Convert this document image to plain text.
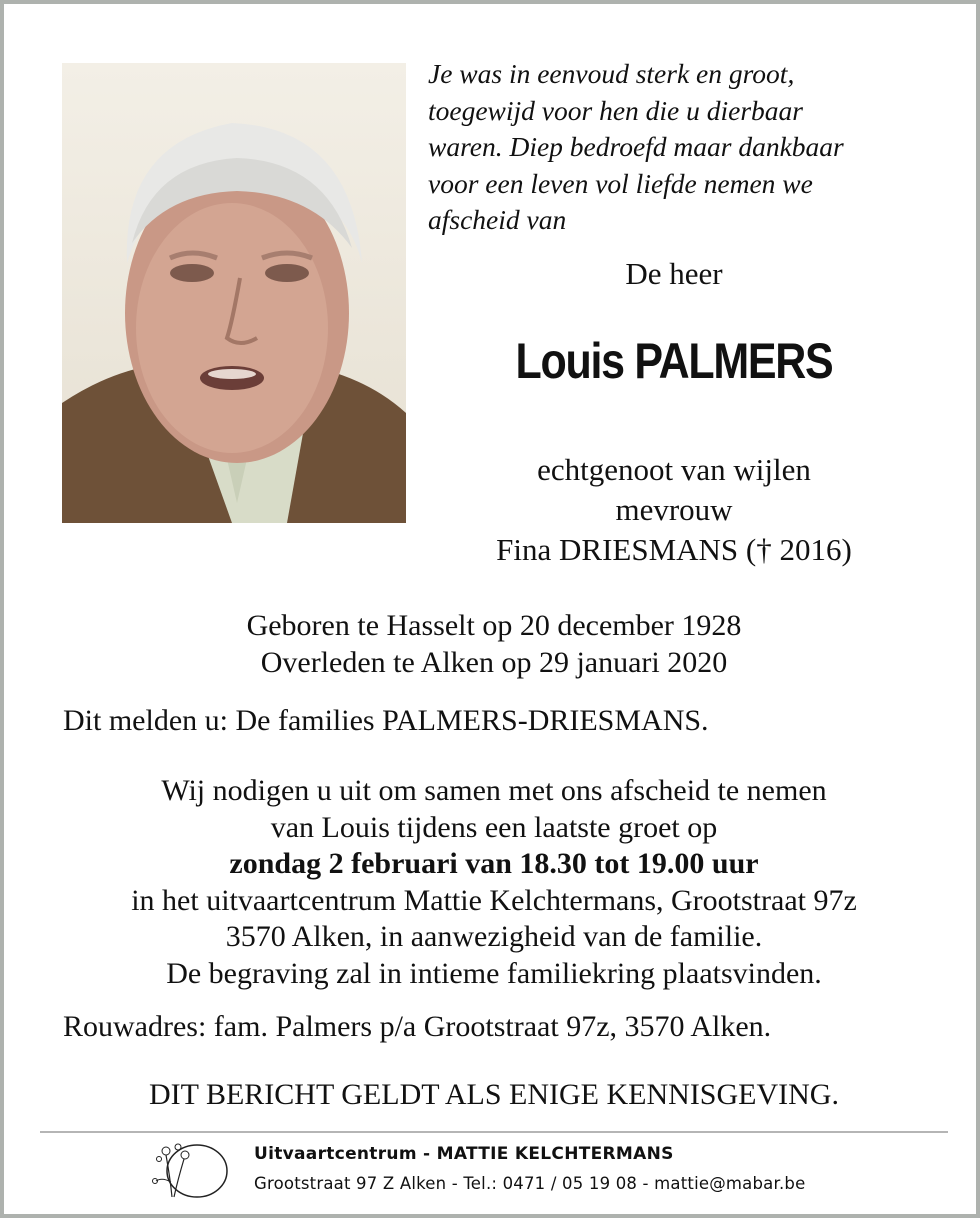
Je was in eenvoud sterk en groot,
toegewijd voor hen die u dierbaar
waren. Diep bedroefd maar dankbaar
voor een leven vol liefde nemen we
afscheid van
De heer
Louis PALMERS
echtgenoot van wijlen
mevrouw
Fina DRIESMANS († 2016)
Geboren te Hasselt op 20 december 1928
Overleden te Alken op 29 januari 2020
Dit melden u: De families PALMERS-DRIESMANS.
Wij nodigen u uit om samen met ons afscheid te nemen
van Louis tijdens een laatste groet op
zondag 2 februari van 18.30 tot 19.00 uur
in het uitvaartcentrum Mattie Kelchtermans, Grootstraat 97z
3570 Alken, in aanwezigheid van de familie.
De begraving zal in intieme familiekring plaatsvinden.
Rouwadres: fam. Palmers p/a Grootstraat 97z, 3570 Alken.
DIT BERICHT GELDT ALS ENIGE KENNISGEVING.
Uitvaartcentrum - MATTIE KELCHTERMANS
Grootstraat 97 Z Alken - Tel.: 0471 / 05 19 08 - mattie@mabar.be
